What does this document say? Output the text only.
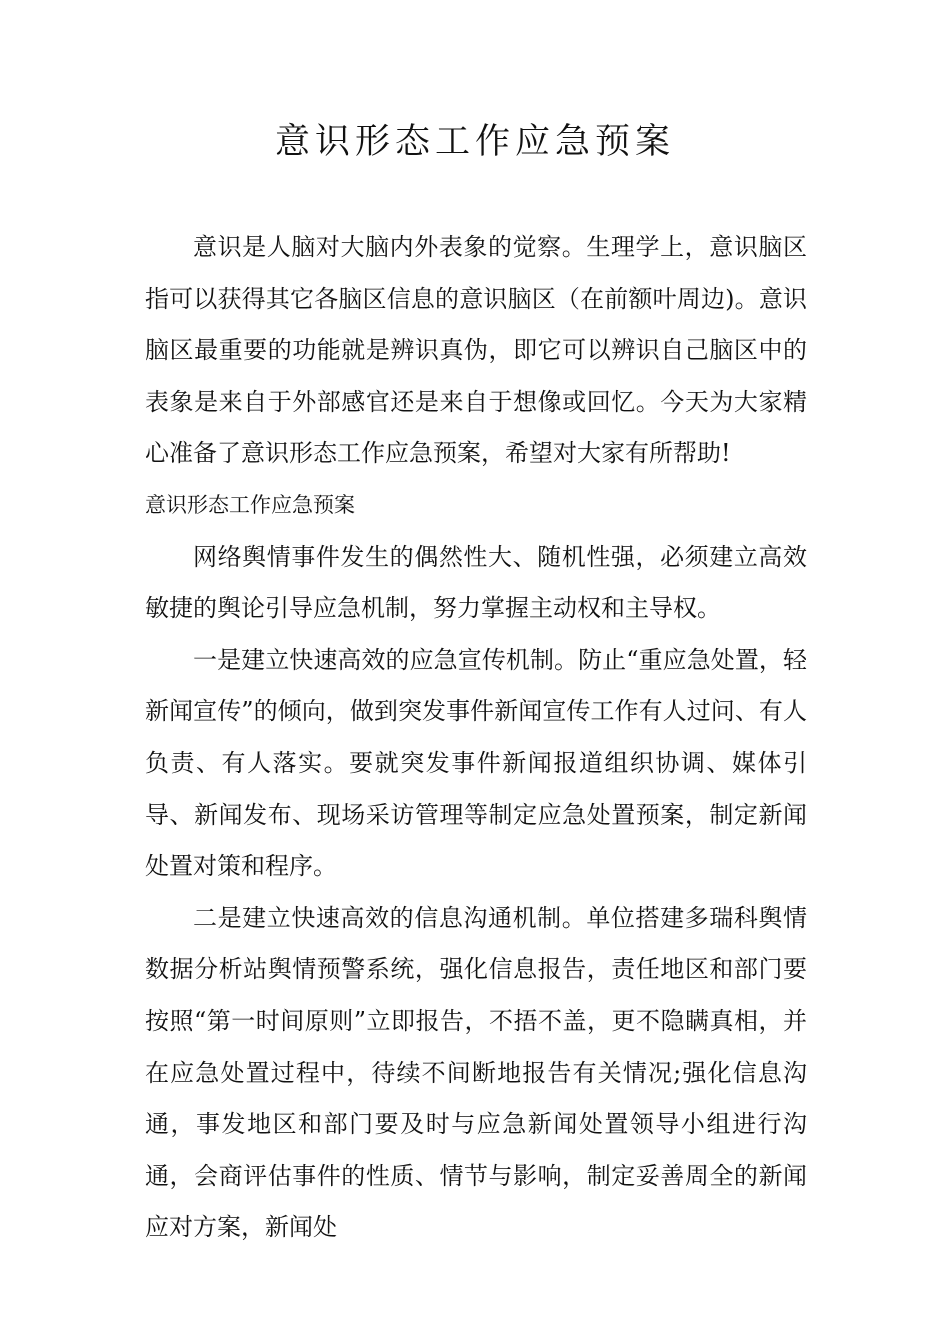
意识形态工作应急预案

意识是人脑对大脑内外表象的觉察。生理学上，意识脑区指可以获得其它各脑区信息的意识脑区（在前额叶周边)。意识脑区最重要的功能就是辨识真伪，即它可以辨识自己脑区中的表象是来自于外部感官还是来自于想像或回忆。今天为大家精心准备了意识形态工作应急预案，希望对大家有所帮助!

意识形态工作应急预案

网络舆情事件发生的偶然性大、随机性强，必须建立高效敏捷的舆论引导应急机制，努力掌握主动权和主导权。

一是建立快速高效的应急宣传机制。防止“重应急处置，轻新闻宣传”的倾向，做到突发事件新闻宣传工作有人过问、有人负责、有人落实。要就突发事件新闻报道组织协调、媒体引导、新闻发布、现场采访管理等制定应急处置预案，制定新闻处置对策和程序。

二是建立快速高效的信息沟通机制。单位搭建多瑞科舆情数据分析站舆情预警系统，强化信息报告，责任地区和部门要按照“第一时间原则”立即报告，不捂不盖，更不隐瞒真相，并在应急处置过程中，待续不间断地报告有关情况;强化信息沟通，事发地区和部门要及时与应急新闻处置领导小组进行沟通，会商评估事件的性质、情节与影响，制定妥善周全的新闻应对方案，新闻处
